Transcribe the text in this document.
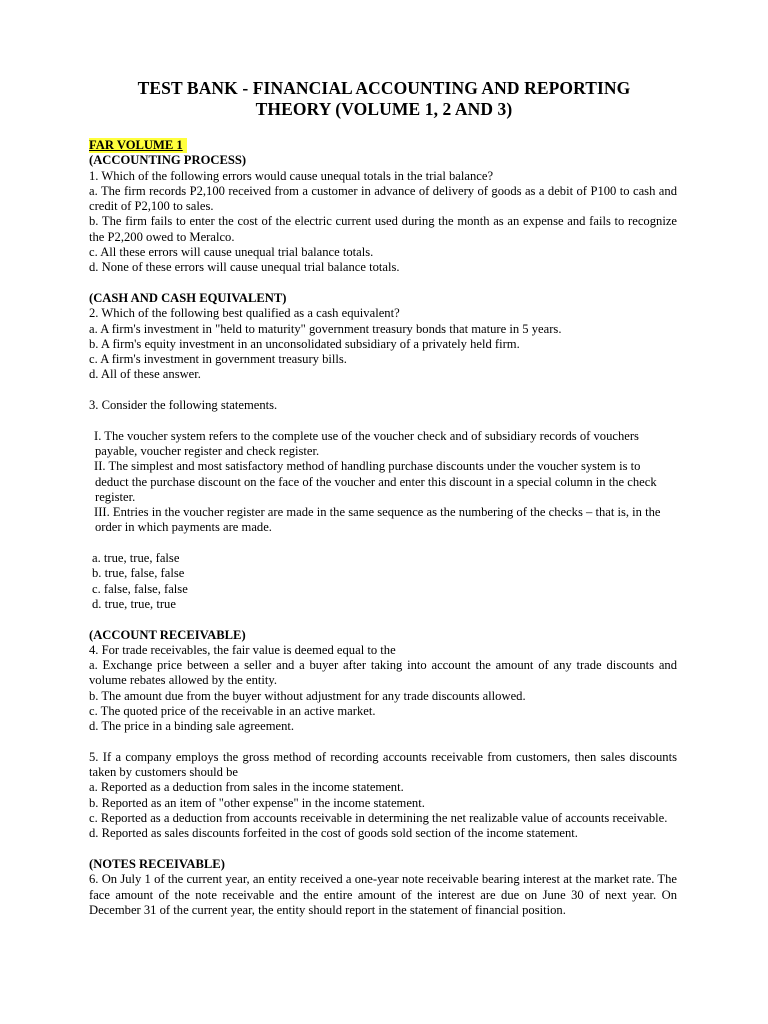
TEST BANK - FINANCIAL ACCOUNTING AND REPORTING
THEORY (VOLUME 1, 2 AND 3)

FAR VOLUME 1

(ACCOUNTING PROCESS)

1. Which of the following errors would cause unequal totals in the trial balance?

a. The firm records P2,100 received from a customer in advance of delivery of goods as a debit of P100 to cash and credit of P2,100 to sales.

b. The firm fails to enter the cost of the electric current used during the month as an expense and fails to recognize the P2,200 owed to Meralco.

c. All these errors will cause unequal trial balance totals.

d. None of these errors will cause unequal trial balance totals.

(CASH AND CASH EQUIVALENT)

2. Which of the following best qualified as a cash equivalent?

a. A firm's investment in "held to maturity" government treasury bonds that mature in 5 years.

b. A firm's equity investment in an unconsolidated subsidiary of a privately held firm.

c. A firm's investment in government treasury bills.

d. All of these answer.

3. Consider the following statements.

I. The voucher system refers to the complete use of the voucher check and of subsidiary records of vouchers payable, voucher register and check register.

II. The simplest and most satisfactory method of handling purchase discounts under the voucher system is to deduct the purchase discount on the face of the voucher and enter this discount in a special column in the check register.

III. Entries in the voucher register are made in the same sequence as the numbering of the checks – that is, in the order in which payments are made.

a. true, true, false

b. true, false, false

c. false, false, false

d. true, true, true

(ACCOUNT RECEIVABLE)

4. For trade receivables, the fair value is deemed equal to the

a. Exchange price between a seller and a buyer after taking into account the amount of any trade discounts and volume rebates allowed by the entity.

b. The amount due from the buyer without adjustment for any trade discounts allowed.

c. The quoted price of the receivable in an active market.

d. The price in a binding sale agreement.

5. If a company employs the gross method of recording accounts receivable from customers, then sales discounts taken by customers should be

a. Reported as a deduction from sales in the income statement.

b. Reported as an item of "other expense" in the income statement.

c. Reported as a deduction from accounts receivable in determining the net realizable value of accounts receivable.

d. Reported as sales discounts forfeited in the cost of goods sold section of the income statement.

(NOTES RECEIVABLE)

6. On July 1 of the current year, an entity received a one-year note receivable bearing interest at the market rate. The face amount of the note receivable and the entire amount of the interest are due on June 30 of next year. On December 31 of the current year, the entity should report in the statement of financial position.
